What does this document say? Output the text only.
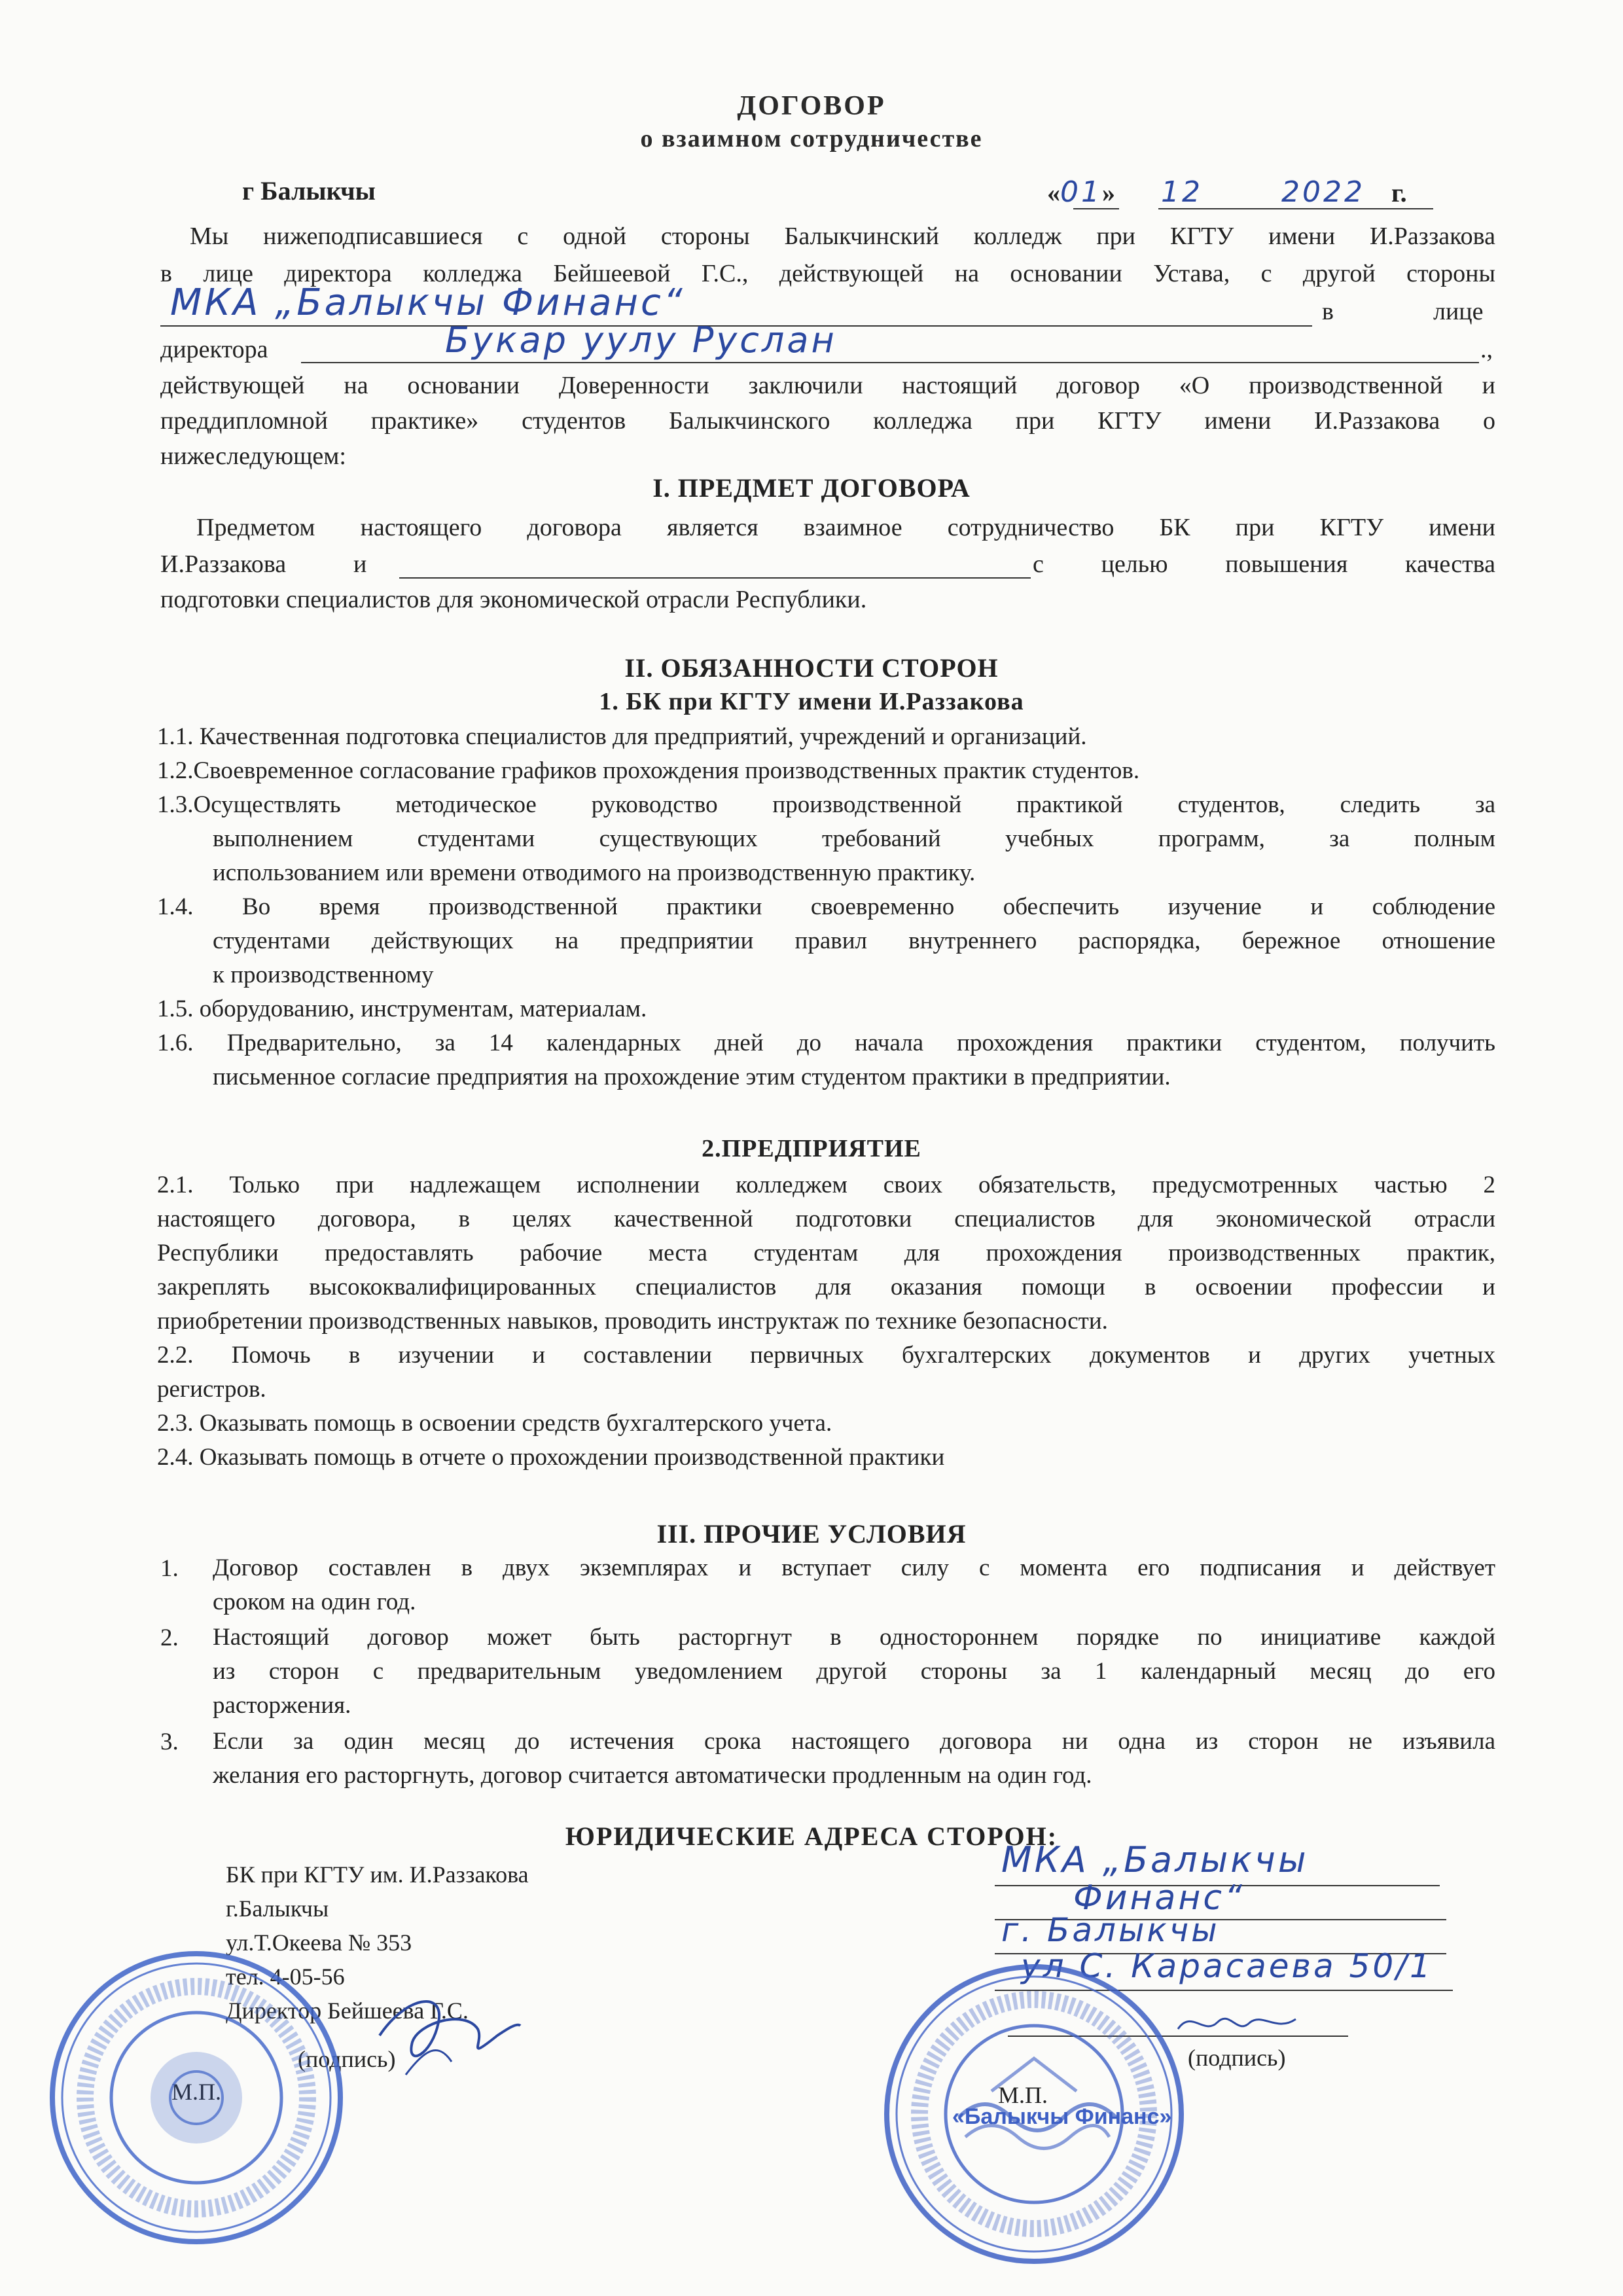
ДОГОВОР
о взаимном сотрудничестве
г Балыкчы	«01» 12	2022 г.
Мы нижеподписавшиеся с одной стороны Балыкчинский колледж при КГТУ имени И.Раззакова
в лице директора колледжа Бейшеевой Г.С., действующей на основании Устава, с другой стороны
МКА „Балыкчы Финанс“	в	лице
директора	Букар уулу Руслан	.,
действующей на основании Доверенности заключили настоящий договор «О производственной и
преддипломной практике» студентов Балыкчинского колледжа при КГТУ имени И.Раззакова о
нижеследующем:
I. ПРЕДМЕТ ДОГОВОРА
Предметом настоящего договора является взаимное сотрудничество БК при КГТУ имени
И.Раззакова	и	с целью повышения качества
подготовки специалистов для экономической отрасли Республики.
II. ОБЯЗАННОСТИ СТОРОН
1. БК при КГТУ имени И.Раззакова
1.1. Качественная подготовка специалистов для предприятий, учреждений и организаций.
1.2.Своевременное согласование графиков прохождения производственных практик студентов.
1.3.Осуществлять методическое руководство производственной практикой студентов, следить за
выполнением студентами существующих требований учебных программ, за полным
использованием или времени отводимого на производственную практику.
1.4. Во время производственной практики своевременно обеспечить изучение и соблюдение
студентами действующих на предприятии правил внутреннего распорядка, бережное отношение
к производственному
1.5. оборудованию, инструментам, материалам.
1.6. Предварительно, за 14 календарных дней до начала прохождения практики студентом, получить
письменное согласие предприятия на прохождение этим студентом практики в предприятии.
2.ПРЕДПРИЯТИЕ
2.1. Только при надлежащем исполнении колледжем своих обязательств, предусмотренных частью 2
настоящего договора, в целях качественной подготовки специалистов для экономической отрасли
Республики предоставлять рабочие места студентам для прохождения производственных практик,
закреплять высококвалифицированных специалистов для оказания помощи в освоении профессии и
приобретении производственных навыков, проводить инструктаж по технике безопасности.
2.2. Помочь в изучении и составлении первичных бухгалтерских документов и других учетных
регистров.
2.3. Оказывать помощь в освоении средств бухгалтерского учета.
2.4. Оказывать помощь в отчете о прохождении производственной практики
III. ПРОЧИЕ УСЛОВИЯ
1. Договор составлен в двух экземплярах и вступает силу с момента его подписания и действует
сроком на один год.
2. Настоящий договор может быть расторгнут в одностороннем порядке по инициативе каждой
из сторон с предварительным уведомлением другой стороны за 1 календарный месяц до его
расторжения.
3. Если за один месяц до истечения срока настоящего договора ни одна из сторон не изъявила
желания его расторгнуть, договор считается автоматически продленным на один год.
ЮРИДИЧЕСКИЕ АДРЕСА СТОРОН:
БК при КГТУ им. И.Раззакова
г.Балыкчы
ул.Т.Океева № 353
тел. 4-05-56
Директор Бейшеева Г.С.
(подпись)
М.П.
МКА „Балыкчы
Финанс“
г. Балыкчы
ул С. Карасаева 50/1
(подпись)
М.П.
«Балыкчы Финанс»
